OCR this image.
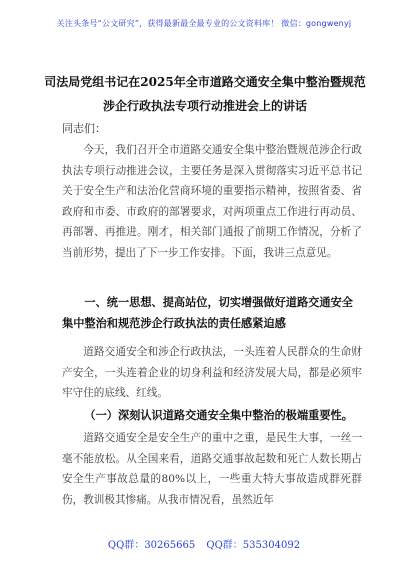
关注头条号“公文研究”，获得最新最全最专业的公文资料库！ 微信：gongwenyj
司法局党组书记在2025年全市道路交通安全集中整治暨规范涉企行政执法专项行动推进会上的讲话
同志们：
今天，我们召开全市道路交通安全集中整治暨规范涉企行政执法专项行动推进会议，主要任务是深入贯彻落实习近平总书记关于安全生产和法治化营商环境的重要指示精神，按照省委、省政府和市委、市政府的部署要求，对两项重点工作进行再动员、再部署、再推进。刚才，相关部门通报了前期工作情况，分析了当前形势，提出了下一步工作安排。下面，我讲三点意见。
一、统一思想、提高站位，切实增强做好道路交通安全集中整治和规范涉企行政执法的责任感紧迫感
道路交通安全和涉企行政执法，一头连着人民群众的生命财产安全，一头连着企业的切身利益和经济发展大局，都是必须牢牢守住的底线、红线。
（一）深刻认识道路交通安全集中整治的极端重要性。
道路交通安全是安全生产的重中之重，是民生大事，一丝一毫不能放松。从全国来看，道路交通事故起数和死亡人数长期占安全生产事故总量的80%以上，一些重大特大事故造成群死群伤，教训极其惨痛。从我市情况看，虽然近年
QQ群：30265665 QQ群：535304092
